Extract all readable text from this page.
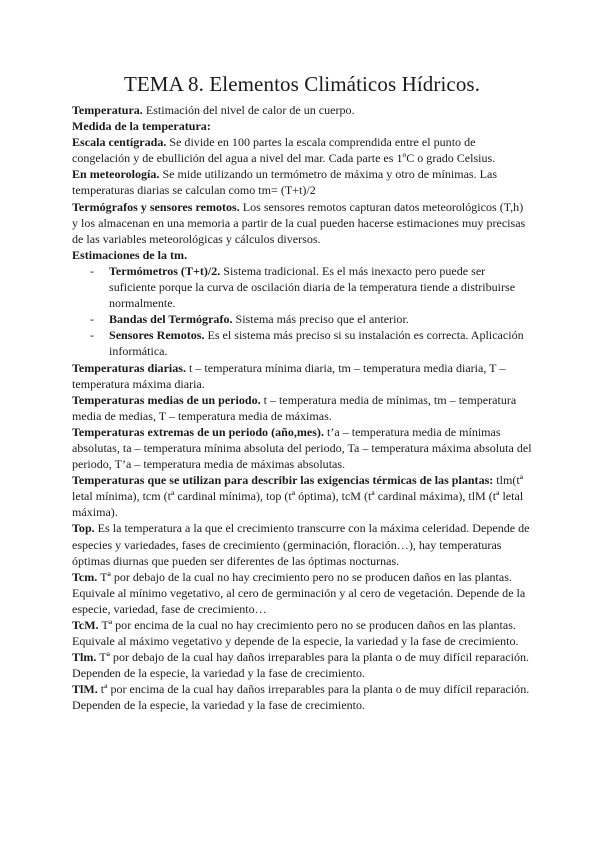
TEMA 8. Elementos Climáticos Hídricos.

Temperatura. Estimación del nivel de calor de un cuerpo.

Medida de la temperatura:

Escala centígrada. Se divide en 100 partes la escala comprendida entre el punto de congelación y de ebullición del agua a nivel del mar. Cada parte es 1ºC o grado Celsius.

En meteorología. Se mide utilizando un termómetro de máxima y otro de mínimas. Las temperaturas diarias se calculan como tm= (T+t)/2

Termógrafos y sensores remotos. Los sensores remotos capturan datos meteorológicos (T,h) y los almacenan en una memoria a partir de la cual pueden hacerse estimaciones muy precisas de las variables meteorológicas y cálculos diversos.

Estimaciones de la tm.

- Termómetros (T+t)/2. Sistema tradicional. Es el más inexacto pero puede ser suficiente porque la curva de oscilación diaria de la temperatura tiende a distribuirse normalmente.
- Bandas del Termógrafo. Sistema más preciso que el anterior.
- Sensores Remotos. Es el sistema más preciso si su instalación es correcta. Aplicación informática.

Temperaturas diarias. t – temperatura mínima diaria, tm – temperatura media diaria, T – temperatura máxima diaria.

Temperaturas medias de un periodo. t – temperatura media de mínimas, tm – temperatura media de medias, T – temperatura media de máximas.

Temperaturas extremas de un periodo (año,mes). t’a – temperatura media de mínimas absolutas, ta – temperatura mínima absoluta del periodo, Ta – temperatura máxima absoluta del periodo, T’a – temperatura media de máximas absolutas.

Temperaturas que se utilizan para describir las exigencias térmicas de las plantas: tlm(tª letal mínima), tcm (tª cardinal mínima), top (tª óptima), tcM (tª cardinal máxima), tlM (tª letal máxima).

Top. Es la temperatura a la que el crecimiento transcurre con la máxima celeridad. Depende de especies y variedades, fases de crecimiento (germinación, floración…), hay temperaturas óptimas diurnas que pueden ser diferentes de las óptimas nocturnas.

Tcm. Tª por debajo de la cual no hay crecimiento pero no se producen daños en las plantas. Equivale al mínimo vegetativo, al cero de germinación y al cero de vegetación. Depende de la especie, variedad, fase de crecimiento…

TcM. Tª por encima de la cual no hay crecimiento pero no se producen daños en las plantas. Equivale al máximo vegetativo y depende de la especie, la variedad y la fase de crecimiento.

Tlm. Tª por debajo de la cual hay daños irreparables para la planta o de muy difícil reparación. Dependen de la especie, la variedad y la fase de crecimiento.

TlM. tª por encima de la cual hay daños irreparables para la planta o de muy difícil reparación. Dependen de la especie, la variedad y la fase de crecimiento.
